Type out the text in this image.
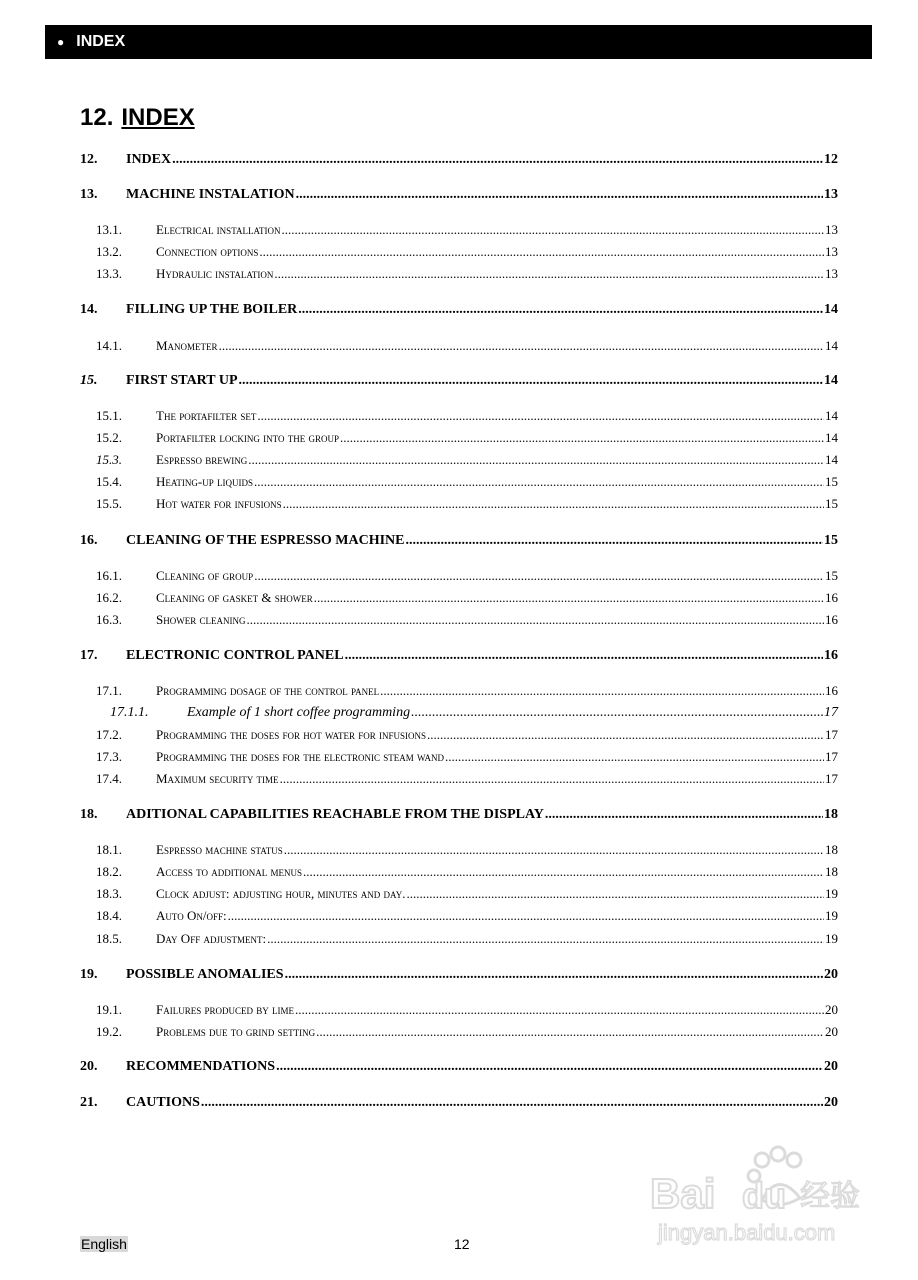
● INDEX
12. INDEX
12.	INDEX .....	12
13.	MACHINE INSTALATION .....	13
13.1.	Electrical installation .....	13
13.2.	Connection options .....	13
13.3.	Hydraulic instalation .....	13
14.	FILLING UP THE BOILER .....	14
14.1.	Manometer .....	14
15.	FIRST START UP .....	14
15.1.	The portafilter set .....	14
15.2.	Portafilter locking into the group .....	14
15.3.	Espresso brewing .....	14
15.4.	Heating-up liquids .....	15
15.5.	Hot water for infusions .....	15
16.	CLEANING OF THE ESPRESSO MACHINE .....	15
16.1.	Cleaning of group .....	15
16.2.	Cleaning of gasket & shower .....	16
16.3.	Shower cleaning .....	16
17.	ELECTRONIC CONTROL PANEL .....	16
17.1.	Programming dosage of the control panel .....	16
17.1.1.	Example of 1 short coffee programming .....	17
17.2.	Programming the doses for hot water for infusions .....	17
17.3.	Programming the doses for the electronic steam wand .....	17
17.4.	Maximum security time .....	17
18.	ADITIONAL CAPABILITIES REACHABLE FROM THE DISPLAY .....	18
18.1.	Espresso machine status .....	18
18.2.	Access to additional menus .....	18
18.3.	Clock adjust: adjusting hour, minutes and day. .....	19
18.4.	Auto On/off: .....	19
18.5.	Day Off adjustment: .....	19
19.	POSSIBLE ANOMALIES .....	20
19.1.	Failures produced by lime .....	20
19.2.	Problems due to grind setting .....	20
20.	RECOMMENDATIONS .....	20
21.	CAUTIONS .....	20
English	12
Bai du 经验
jingyan.baidu.com
